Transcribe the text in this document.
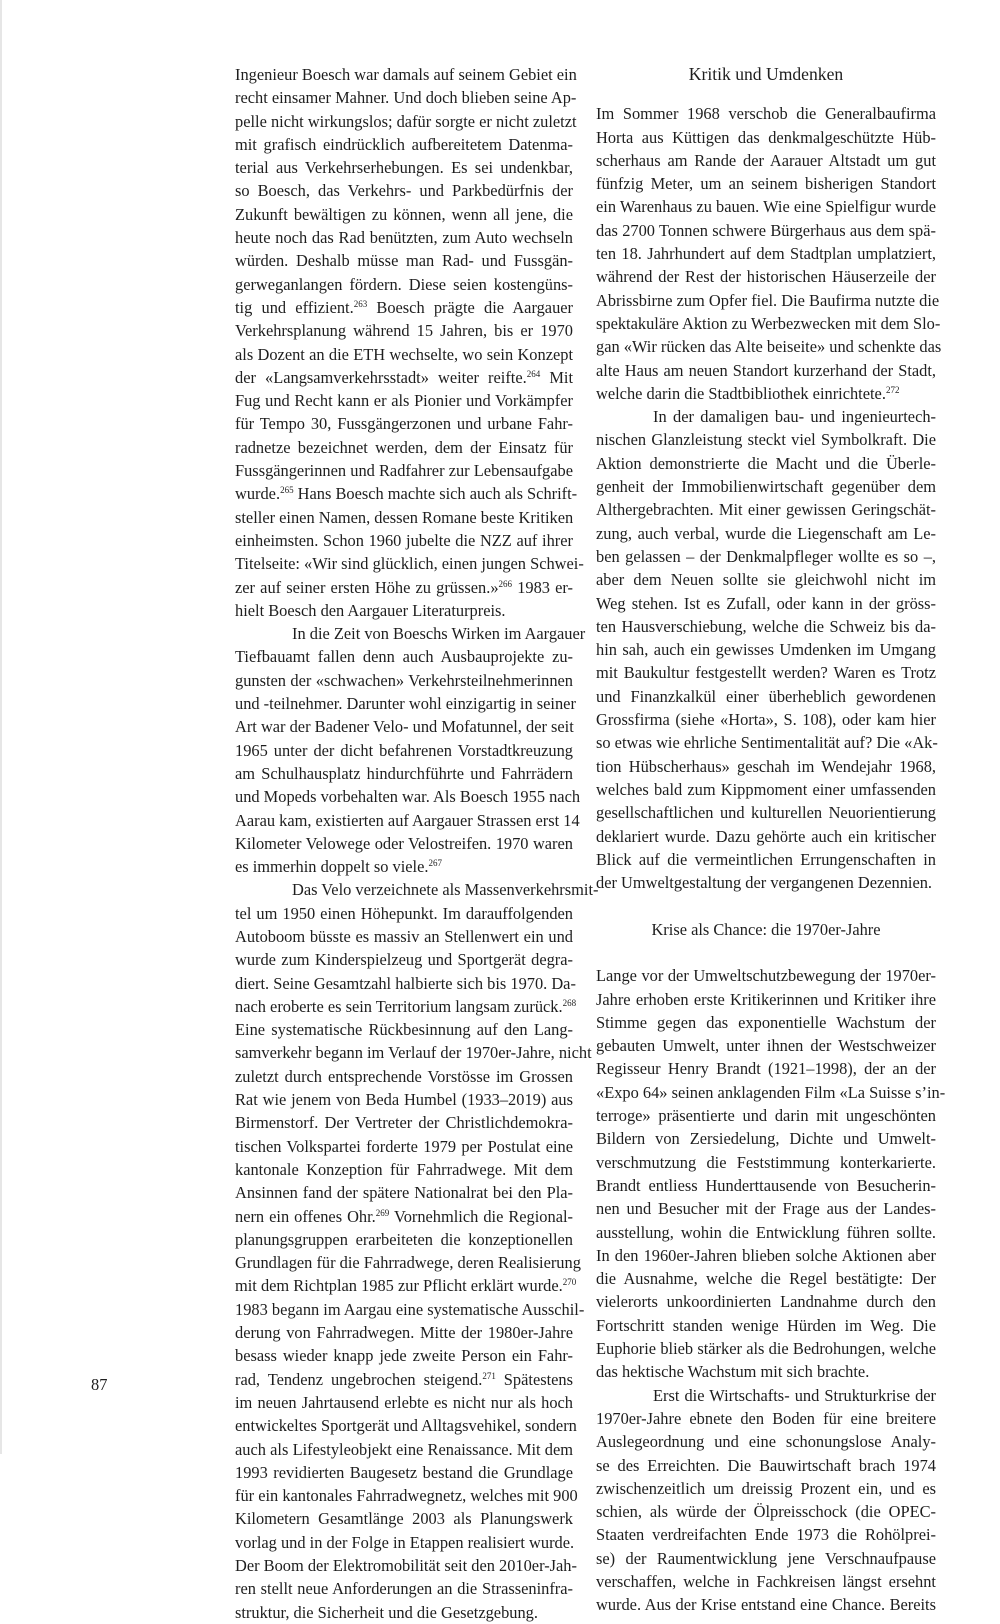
Ingenieur Boesch war damals auf seinem Gebiet ein
recht einsamer Mahner. Und doch blieben seine Ap-
pelle nicht wirkungslos; dafür sorgte er nicht zuletzt
mit grafisch eindrücklich aufbereitetem Datenma-
terial aus Verkehrserhebungen. Es sei undenkbar,
so Boesch, das Verkehrs- und Parkbedürfnis der
Zukunft bewältigen zu können, wenn all jene, die
heute noch das Rad benützten, zum Auto wechseln
würden. Deshalb müsse man Rad- und Fussgän-
gerweganlangen fördern. Diese seien kostengüns-
tig und effizient.$^{263}$ Boesch prägte die Aargauer
Verkehrsplanung während 15 Jahren, bis er 1970
als Dozent an die ETH wechselte, wo sein Konzept
der «Langsamverkehrsstadt» weiter reifte.$^{264}$ Mit
Fug und Recht kann er als Pionier und Vorkämpfer
für Tempo 30, Fussgängerzonen und urbane Fahr-
radnetze bezeichnet werden, dem der Einsatz für
Fussgängerinnen und Radfahrer zur Lebensaufgabe
wurde.$^{265}$ Hans Boesch machte sich auch als Schrift-
steller einen Namen, dessen Romane beste Kritiken
einheimsten. Schon 1960 jubelte die NZZ auf ihrer
Titelseite: «Wir sind glücklich, einen jungen Schwei-
zer auf seiner ersten Höhe zu grüssen.»$^{266}$ 1983 er-
hielt Boesch den Aargauer Literaturpreis.
In die Zeit von Boeschs Wirken im Aargauer
Tiefbauamt fallen denn auch Ausbauprojekte zu-
gunsten der «schwachen» Verkehrsteilnehmerinnen
und -teilnehmer. Darunter wohl einzigartig in seiner
Art war der Badener Velo- und Mofatunnel, der seit
1965 unter der dicht befahrenen Vorstadtkreuzung
am Schulhausplatz hindurchführte und Fahrrädern
und Mopeds vorbehalten war. Als Boesch 1955 nach
Aarau kam, existierten auf Aargauer Strassen erst 14
Kilometer Velowege oder Velostreifen. 1970 waren
es immerhin doppelt so viele.$^{267}$
Das Velo verzeichnete als Massenverkehrsmit-
tel um 1950 einen Höhepunkt. Im darauffolgenden
Autoboom büsste es massiv an Stellenwert ein und
wurde zum Kinderspielzeug und Sportgerät degra-
diert. Seine Gesamtzahl halbierte sich bis 1970. Da-
nach eroberte es sein Territorium langsam zurück.$^{268}$
Eine systematische Rückbesinnung auf den Lang-
samverkehr begann im Verlauf der 1970er-Jahre, nicht
zuletzt durch entsprechende Vorstösse im Grossen
Rat wie jenem von Beda Humbel (1933–2019) aus
Birmenstorf. Der Vertreter der Christlichdemokra-
tischen Volkspartei forderte 1979 per Postulat eine
kantonale Konzeption für Fahrradwege. Mit dem
Ansinnen fand der spätere Nationalrat bei den Pla-
nern ein offenes Ohr.$^{269}$ Vornehmlich die Regional-
planungsgruppen erarbeiteten die konzeptionellen
Grundlagen für die Fahrradwege, deren Realisierung
mit dem Richtplan 1985 zur Pflicht erklärt wurde.$^{270}$
1983 begann im Aargau eine systematische Ausschil-
derung von Fahrradwegen. Mitte der 1980er-Jahre
besass wieder knapp jede zweite Person ein Fahr-
rad, Tendenz ungebrochen steigend.$^{271}$ Spätestens
im neuen Jahrtausend erlebte es nicht nur als hoch
entwickeltes Sportgerät und Alltagsvehikel, sondern
auch als Lifestyleobjekt eine Renaissance. Mit dem
1993 revidierten Baugesetz bestand die Grundlage
für ein kantonales Fahrradwegnetz, welches mit 900
Kilometern Gesamtlänge 2003 als Planungswerk
vorlag und in der Folge in Etappen realisiert wurde.
Der Boom der Elektromobilität seit den 2010er-Jah-
ren stellt neue Anforderungen an die Strasseninfra-
struktur, die Sicherheit und die Gesetzgebung.
Kritik und Umdenken
Im Sommer 1968 verschob die Generalbaufirma
Horta aus Küttigen das denkmalgeschützte Hüb-
scherhaus am Rande der Aarauer Altstadt um gut
fünfzig Meter, um an seinem bisherigen Standort
ein Warenhaus zu bauen. Wie eine Spielfigur wurde
das 2700 Tonnen schwere Bürgerhaus aus dem spä-
ten 18. Jahrhundert auf dem Stadtplan umplatziert,
während der Rest der historischen Häuserzeile der
Abrissbirne zum Opfer fiel. Die Baufirma nutzte die
spektakuläre Aktion zu Werbezwecken mit dem Slo-
gan «Wir rücken das Alte beiseite» und schenkte das
alte Haus am neuen Standort kurzerhand der Stadt,
welche darin die Stadtbibliothek einrichtete.$^{272}$
In der damaligen bau- und ingenieurtech-
nischen Glanzleistung steckt viel Symbolkraft. Die
Aktion demonstrierte die Macht und die Überle-
genheit der Immobilienwirtschaft gegenüber dem
Althergebrachten. Mit einer gewissen Geringschät-
zung, auch verbal, wurde die Liegenschaft am Le-
ben gelassen – der Denkmalpfleger wollte es so –,
aber dem Neuen sollte sie gleichwohl nicht im
Weg stehen. Ist es Zufall, oder kann in der gröss-
ten Hausverschiebung, welche die Schweiz bis da-
hin sah, auch ein gewisses Umdenken im Umgang
mit Baukultur festgestellt werden? Waren es Trotz
und Finanzkalkül einer überheblich gewordenen
Grossfirma (siehe «Horta», S. 108), oder kam hier
so etwas wie ehrliche Sentimentalität auf? Die «Ak-
tion Hübscherhaus» geschah im Wendejahr 1968,
welches bald zum Kippmoment einer umfassenden
gesellschaftlichen und kulturellen Neuorientierung
deklariert wurde. Dazu gehörte auch ein kritischer
Blick auf die vermeintlichen Errungenschaften in
der Umweltgestaltung der vergangenen Dezennien.
Krise als Chance: die 1970er-Jahre
Lange vor der Umweltschutzbewegung der 1970er-
Jahre erhoben erste Kritikerinnen und Kritiker ihre
Stimme gegen das exponentielle Wachstum der
gebauten Umwelt, unter ihnen der Westschweizer
Regisseur Henry Brandt (1921–1998), der an der
«Expo 64» seinen anklagenden Film «La Suisse s’in-
terroge» präsentierte und darin mit ungeschönten
Bildern von Zersiedelung, Dichte und Umwelt-
verschmutzung die Feststimmung konterkarierte.
Brandt entliess Hunderttausende von Besucherin-
nen und Besucher mit der Frage aus der Landes-
ausstellung, wohin die Entwicklung führen sollte.
In den 1960er-Jahren blieben solche Aktionen aber
die Ausnahme, welche die Regel bestätigte: Der
vielerorts unkoordinierten Landnahme durch den
Fortschritt standen wenige Hürden im Weg. Die
Euphorie blieb stärker als die Bedrohungen, welche
das hektische Wachstum mit sich brachte.
Erst die Wirtschafts- und Strukturkrise der
1970er-Jahre ebnete den Boden für eine breitere
Auslegeordnung und eine schonungslose Analy-
se des Erreichten. Die Bauwirtschaft brach 1974
zwischenzeitlich um dreissig Prozent ein, und es
schien, als würde der Ölpreisschock (die OPEC-
Staaten verdreifachten Ende 1973 die Rohölprei-
se) der Raumentwicklung jene Verschnaufpause
verschaffen, welche in Fachkreisen längst ersehnt
wurde. Aus der Krise entstand eine Chance. Bereits
87
